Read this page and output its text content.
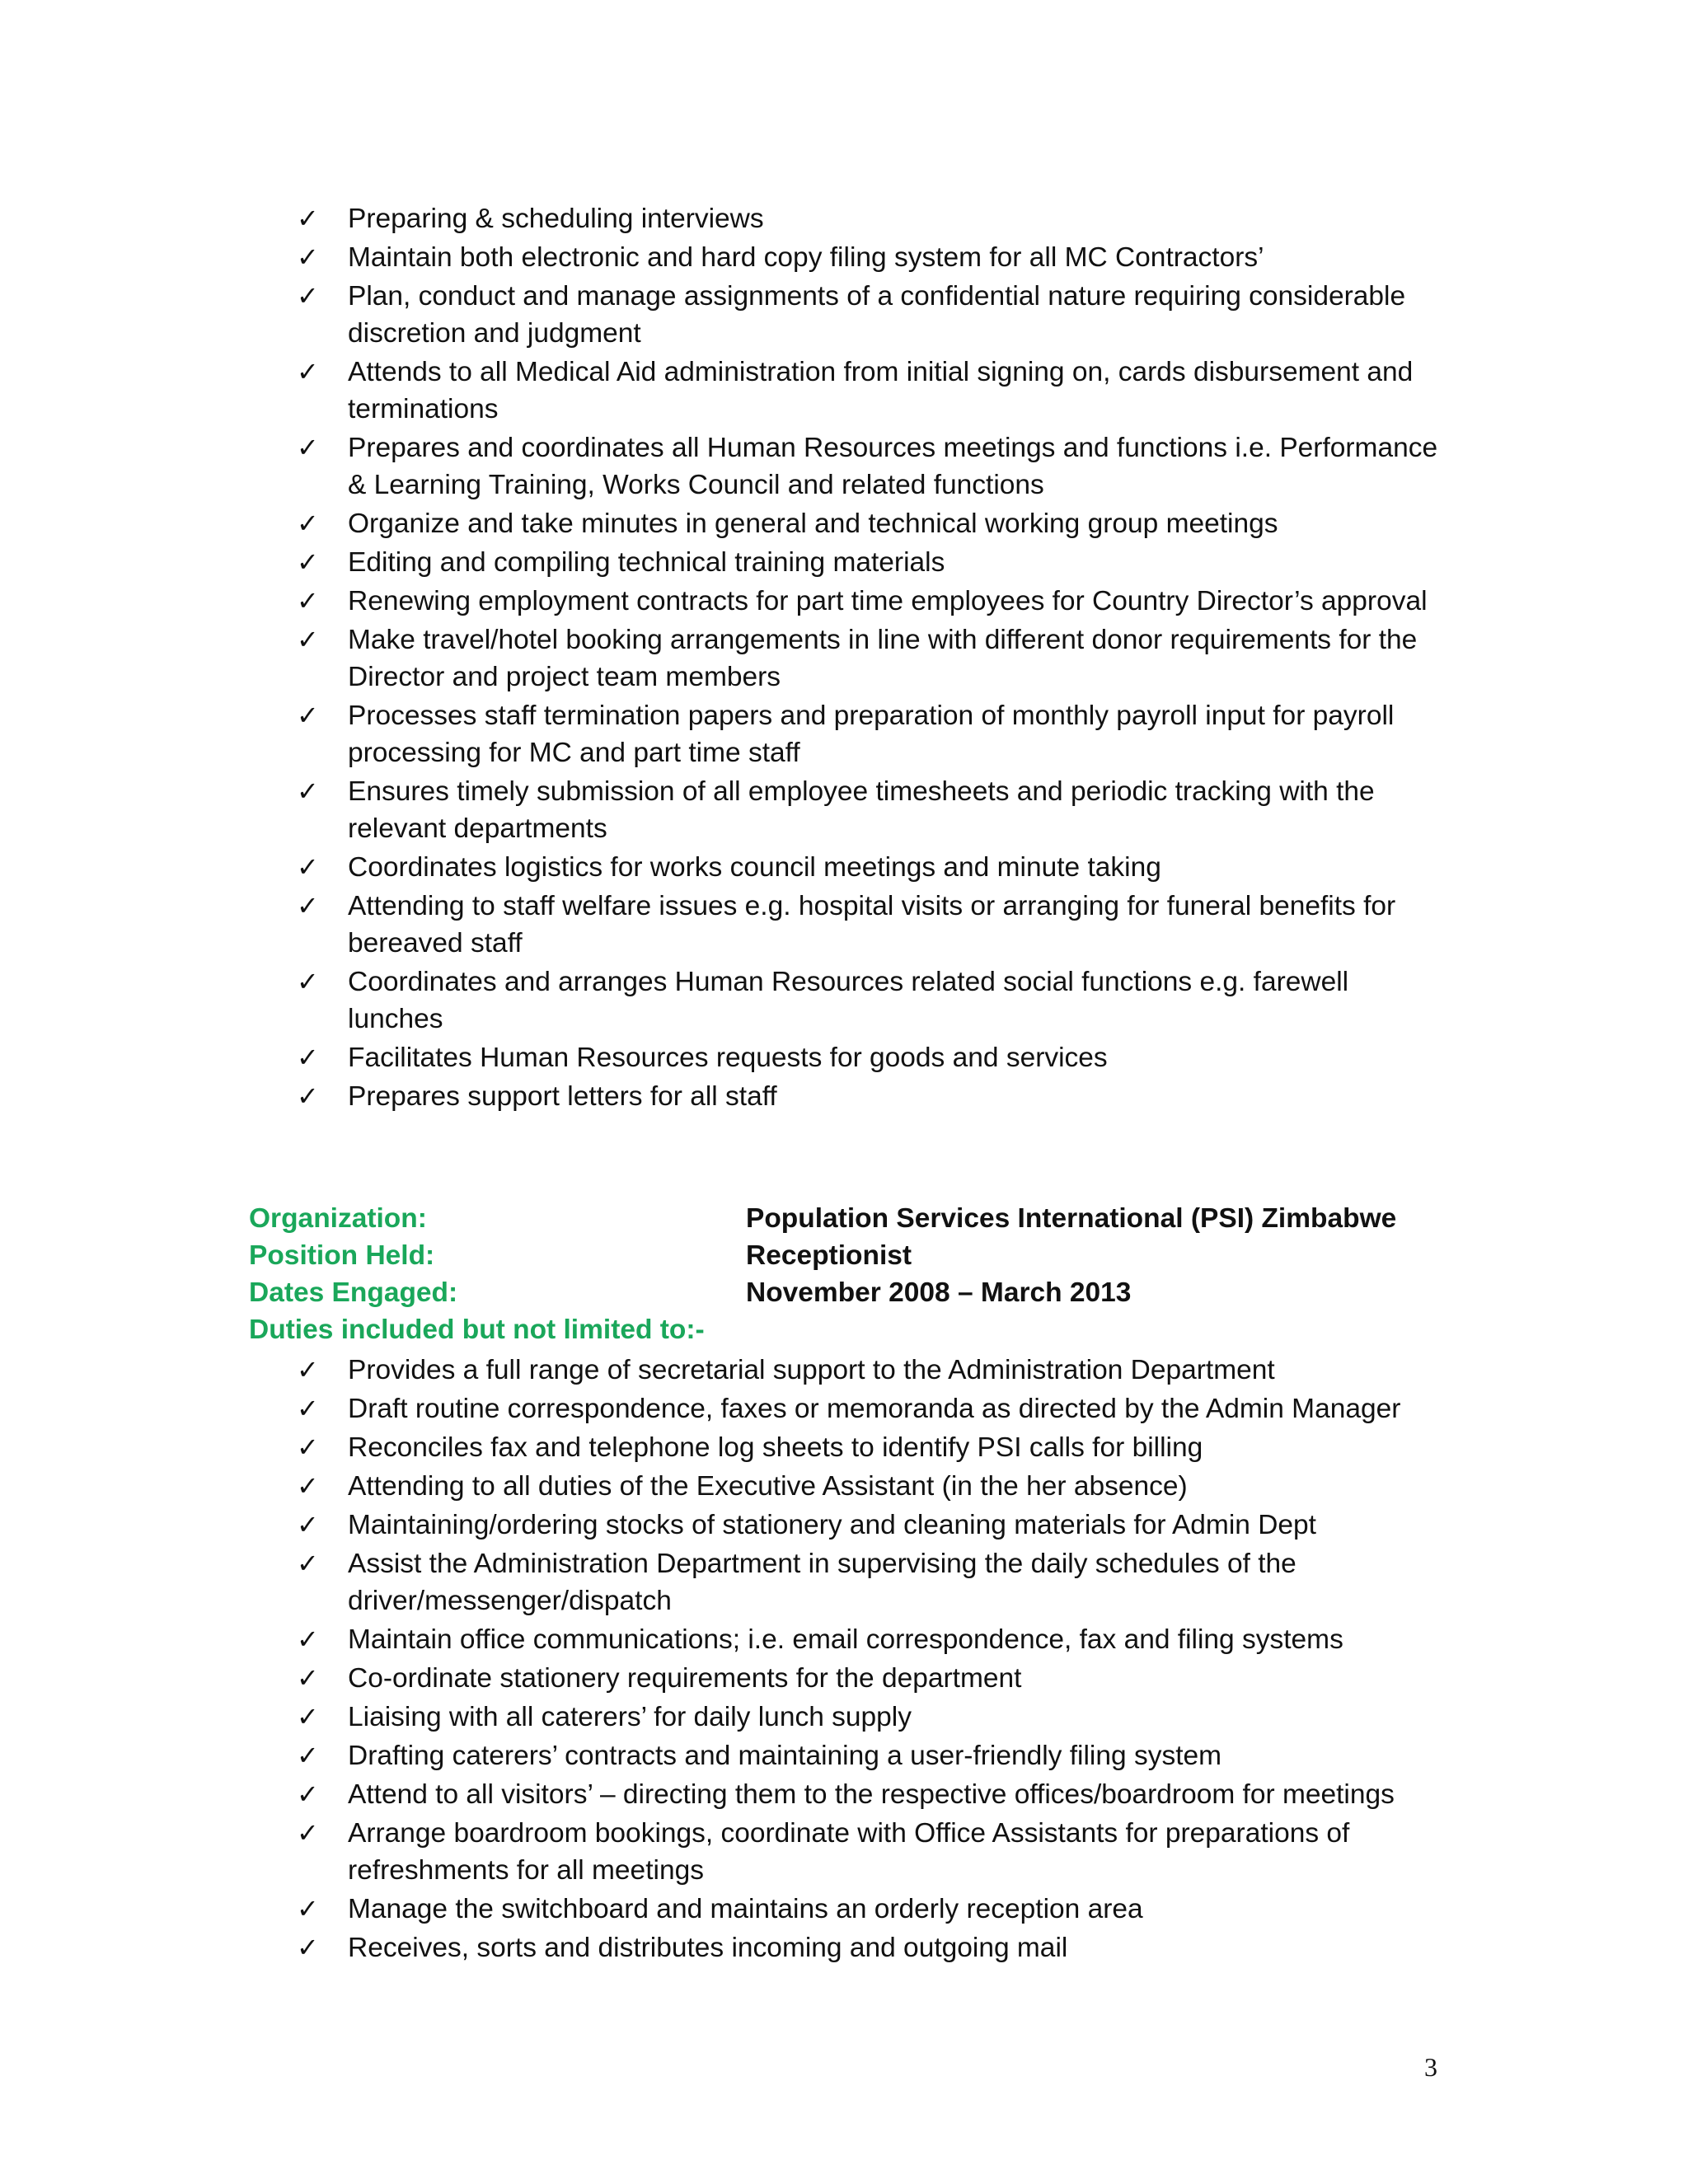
✓	Preparing & scheduling interviews
✓	Maintain both electronic and hard copy filing system for all MC Contractors’
✓	Plan, conduct and manage assignments of a confidential nature requiring considerable discretion and judgment
✓	Attends to all Medical Aid administration from initial signing on, cards disbursement and terminations
✓	Prepares and coordinates all Human Resources meetings and functions i.e. Performance & Learning Training, Works Council and related functions
✓	Organize and take minutes in general and technical working group meetings
✓	Editing and compiling technical training materials
✓	Renewing employment contracts for part time employees for Country Director’s approval
✓	Make travel/hotel booking arrangements in line with different donor requirements for the Director and project team members
✓	Processes staff termination papers and preparation of monthly payroll input for payroll processing for MC and part time staff
✓	Ensures timely submission of all employee timesheets and periodic tracking with the relevant departments
✓	Coordinates logistics for works council meetings and minute taking
✓	Attending to staff welfare issues e.g. hospital visits or arranging for funeral benefits for bereaved staff
✓	Coordinates and arranges Human Resources related social functions e.g. farewell lunches
✓	Facilitates Human Resources requests for goods and services
✓	Prepares support letters for all staff
Organization:	Population Services International (PSI) Zimbabwe
Position Held:	Receptionist
Dates Engaged:	November 2008 – March 2013
Duties included but not limited to:-
✓	Provides a full range of secretarial support to the Administration Department
✓	Draft routine correspondence, faxes or memoranda as directed by the Admin Manager
✓	Reconciles fax and telephone log sheets to identify PSI calls for billing
✓	Attending to all duties of the Executive Assistant (in the her absence)
✓	Maintaining/ordering stocks of stationery and cleaning materials for Admin Dept
✓	Assist the Administration Department in supervising the daily schedules of the driver/messenger/dispatch
✓	Maintain office communications; i.e. email correspondence, fax and filing systems
✓	Co-ordinate stationery requirements for the department
✓	Liaising with all caterers’ for daily lunch supply
✓	Drafting caterers’ contracts and maintaining a user-friendly filing system
✓	Attend to all visitors’ – directing them to the respective offices/boardroom for meetings
✓	Arrange boardroom bookings, coordinate with Office Assistants for preparations of refreshments for all meetings
✓	Manage the switchboard and maintains an orderly reception area
✓	Receives, sorts and distributes incoming and outgoing mail
3
